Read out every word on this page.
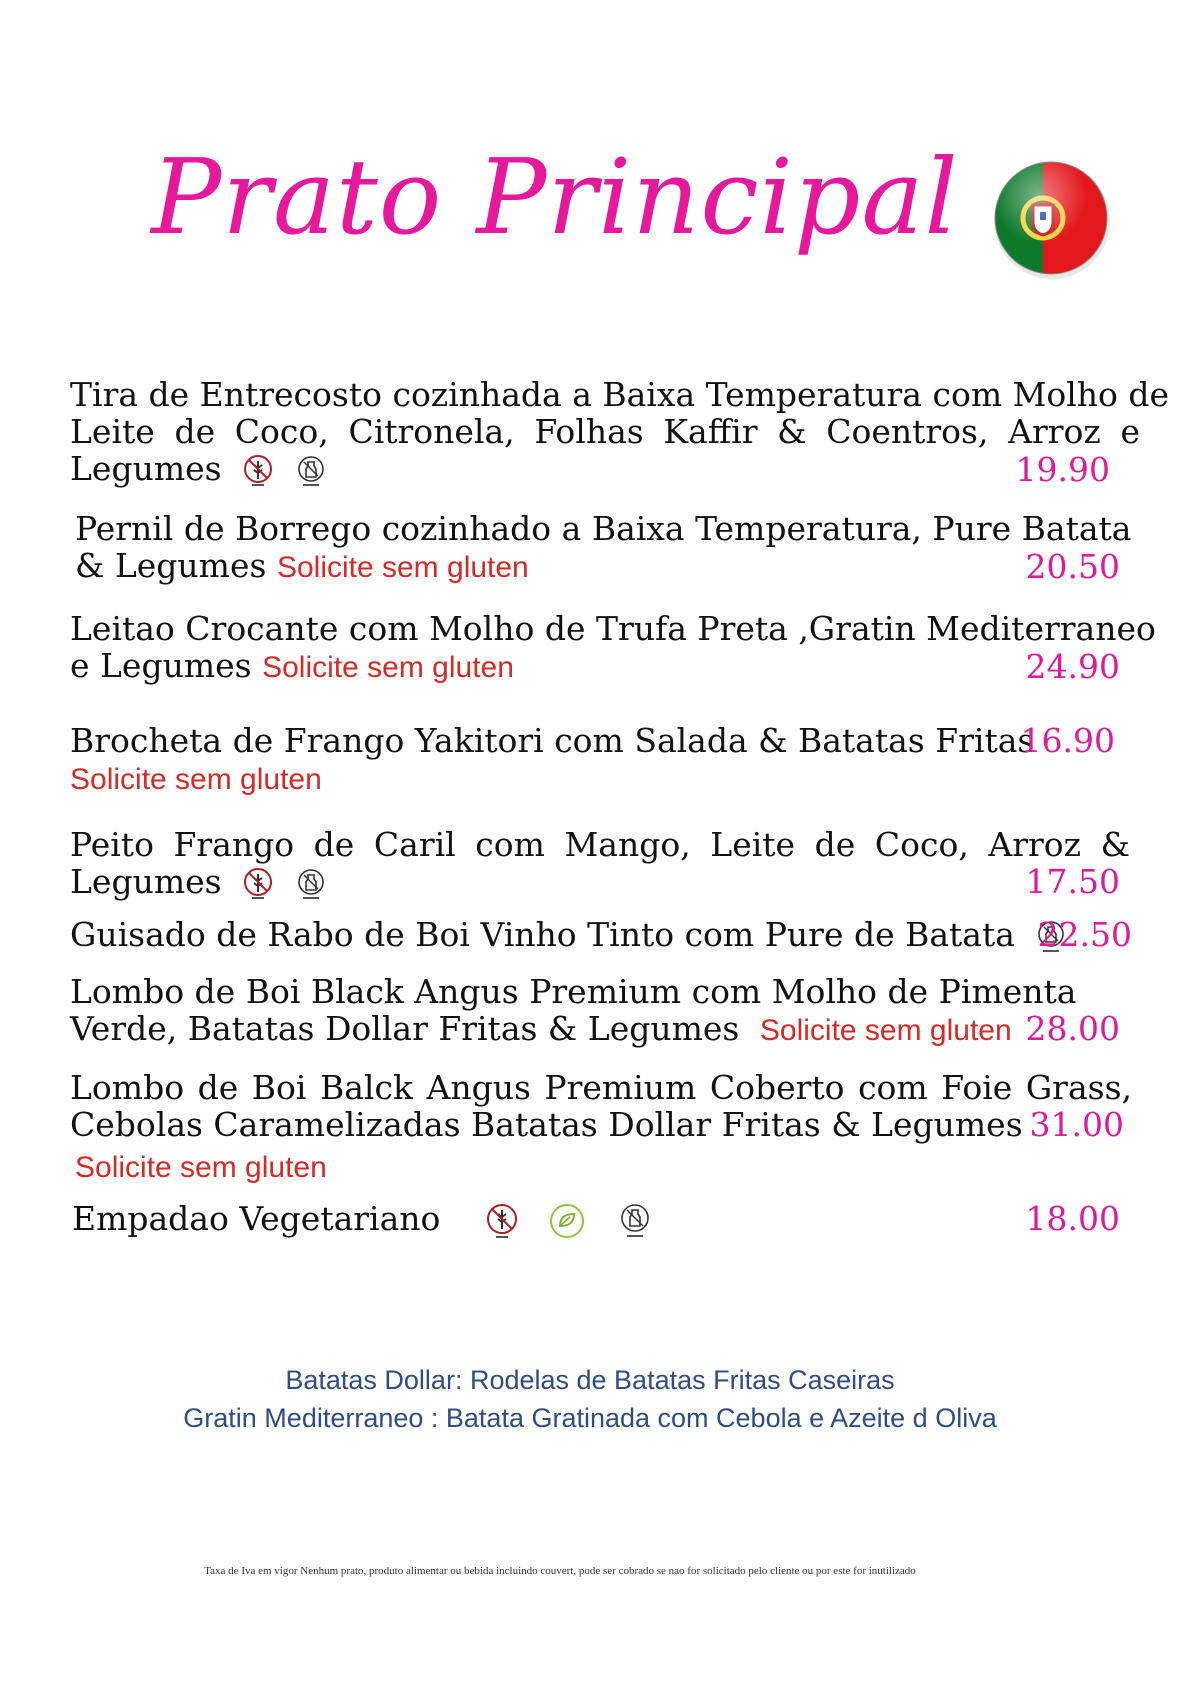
Prato Principal
Tira de Entrecosto cozinhada a Baixa Temperatura com Molho de
Leite de Coco, Citronela, Folhas Kaffir & Coentros, Arroz e
Legumes	19.90
Pernil de Borrego cozinhado a Baixa Temperatura, Pure Batata
& Legumes Solicite sem gluten	20.50
Leitao Crocante com Molho de Trufa Preta ,Gratin Mediterraneo
e Legumes Solicite sem gluten	24.90
Brocheta de Frango Yakitori com Salada & Batatas Fritas
Solicite sem gluten
16.90
Peito Frango de Caril com Mango, Leite de Coco, Arroz &
Legumes	17.50
Guisado de Rabo de Boi Vinho Tinto com Pure de Batata 22.50
Lombo de Boi Black Angus Premium com Molho de Pimenta
Verde, Batatas Dollar Fritas & Legumes Solicite sem gluten 28.00
Lombo de Boi Balck Angus Premium Coberto com Foie Grass,
Cebolas Caramelizadas Batatas Dollar Fritas & Legumes
Solicite sem gluten
31.00
Empadao Vegetariano	18.00
Batatas Dollar: Rodelas de Batatas Fritas Caseiras
Gratin Mediterraneo : Batata Gratinada com Cebola e Azeite d Oliva
Taxa de Iva em vigor Nenhum prato, produto alimentar ou bebida incluindo couvert, pode ser cobrado se nao for solicitado pelo cliente ou por este for inutilizado
